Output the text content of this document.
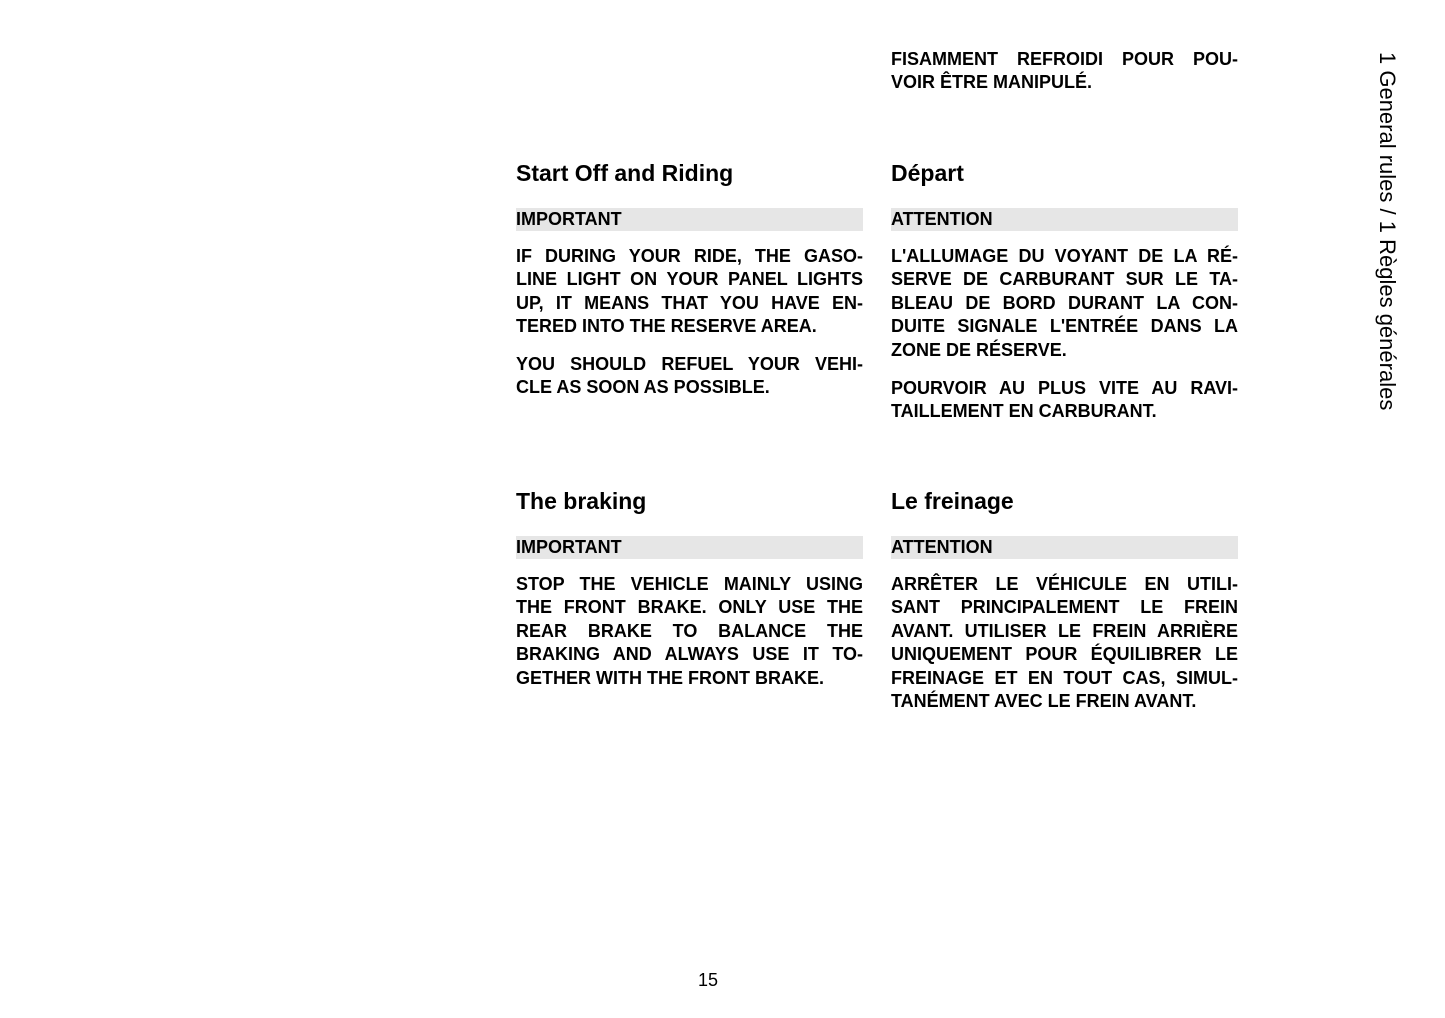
1 General rules / 1 Règles générales
FISAMMENT REFROIDI POUR POU-
VOIR ÊTRE MANIPULÉ.
Start Off and Riding
IMPORTANT
IF DURING YOUR RIDE, THE GASO-
LINE LIGHT ON YOUR PANEL LIGHTS
UP, IT MEANS THAT YOU HAVE EN-
TERED INTO THE RESERVE AREA.
YOU SHOULD REFUEL YOUR VEHI-
CLE AS SOON AS POSSIBLE.
Départ
ATTENTION
L'ALLUMAGE DU VOYANT DE LA RÉ-
SERVE DE CARBURANT SUR LE TA-
BLEAU DE BORD DURANT LA CON-
DUITE SIGNALE L'ENTRÉE DANS LA
ZONE DE RÉSERVE.
POURVOIR AU PLUS VITE AU RAVI-
TAILLEMENT EN CARBURANT.
The braking
IMPORTANT
STOP THE VEHICLE MAINLY USING
THE FRONT BRAKE. ONLY USE THE
REAR BRAKE TO BALANCE THE
BRAKING AND ALWAYS USE IT TO-
GETHER WITH THE FRONT BRAKE.
Le freinage
ATTENTION
ARRÊTER LE VÉHICULE EN UTILI-
SANT PRINCIPALEMENT LE FREIN
AVANT. UTILISER LE FREIN ARRIÈRE
UNIQUEMENT POUR ÉQUILIBRER LE
FREINAGE ET EN TOUT CAS, SIMUL-
TANÉMENT AVEC LE FREIN AVANT.
15
